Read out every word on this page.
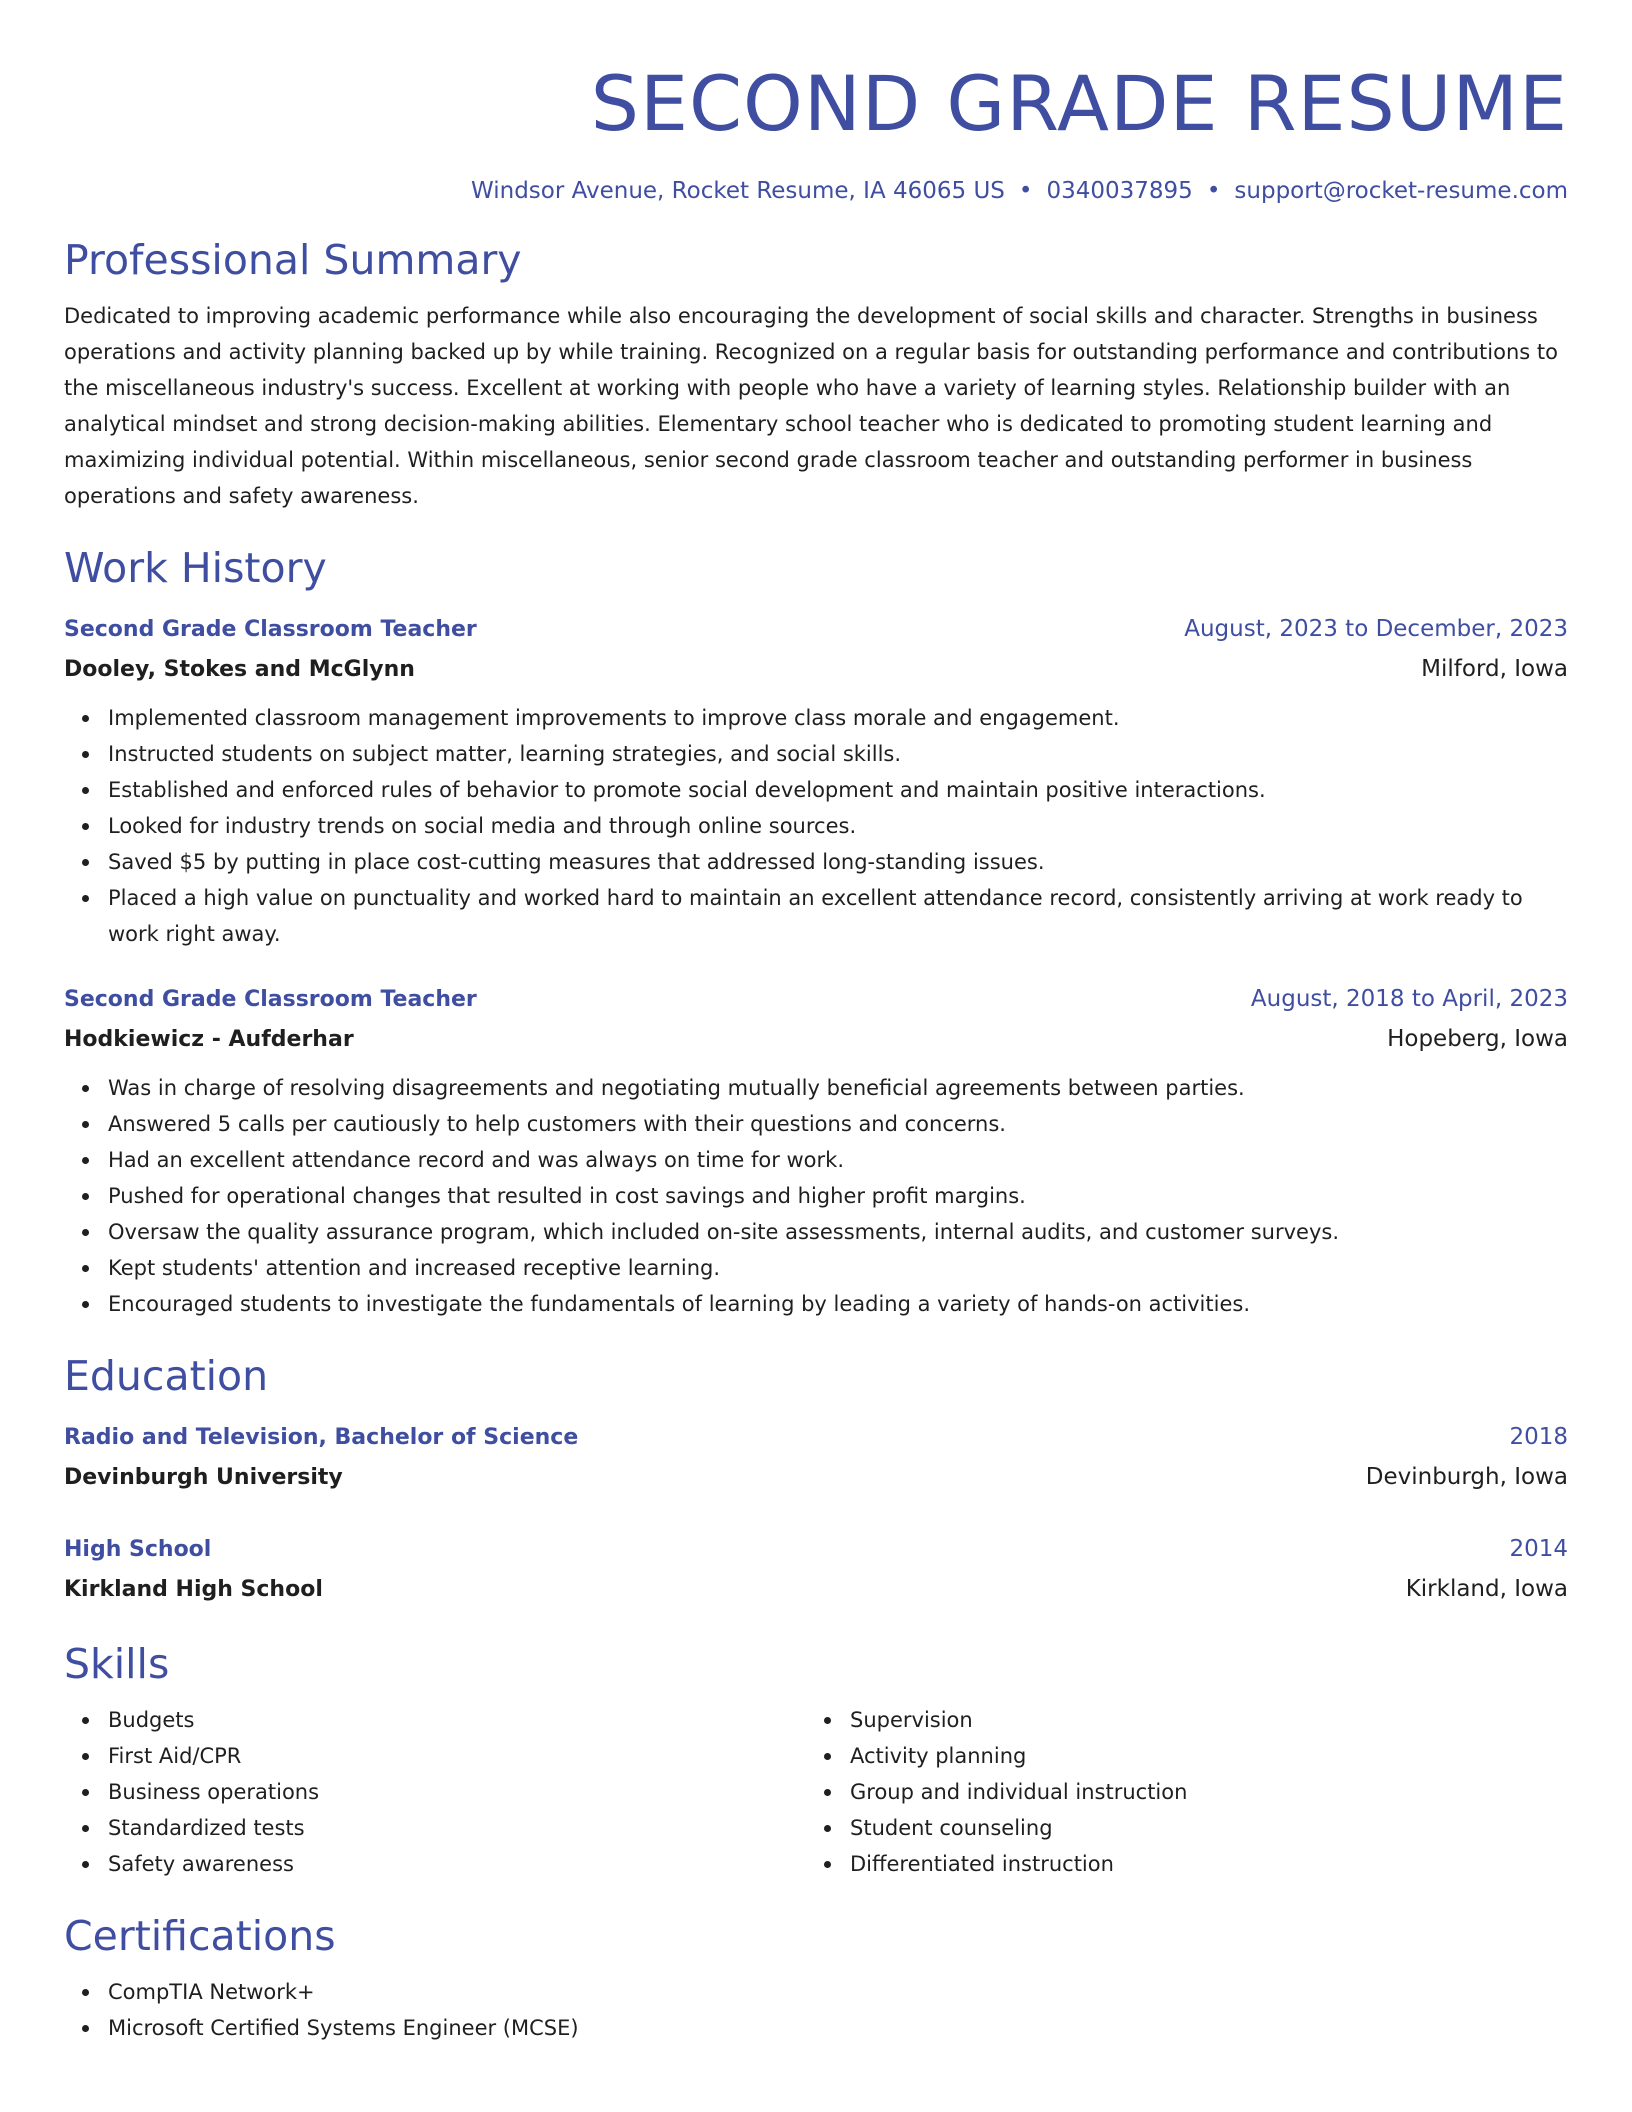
SECOND GRADE RESUME
Windsor Avenue, Rocket Resume, IA 46065 US • 0340037895 • support@rocket-resume.com
Professional Summary
Dedicated to improving academic performance while also encouraging the development of social skills and character. Strengths in business operations and activity planning backed up by while training. Recognized on a regular basis for outstanding performance and contributions to the miscellaneous industry's success. Excellent at working with people who have a variety of learning styles. Relationship builder with an analytical mindset and strong decision-making abilities. Elementary school teacher who is dedicated to promoting student learning and maximizing individual potential. Within miscellaneous, senior second grade classroom teacher and outstanding performer in business operations and safety awareness.
Work History
Second Grade Classroom Teacher	August, 2023 to December, 2023
Dooley, Stokes and McGlynn	Milford, Iowa
Implemented classroom management improvements to improve class morale and engagement.
Instructed students on subject matter, learning strategies, and social skills.
Established and enforced rules of behavior to promote social development and maintain positive interactions.
Looked for industry trends on social media and through online sources.
Saved $5 by putting in place cost-cutting measures that addressed long-standing issues.
Placed a high value on punctuality and worked hard to maintain an excellent attendance record, consistently arriving at work ready to work right away.
Second Grade Classroom Teacher	August, 2018 to April, 2023
Hodkiewicz - Aufderhar	Hopeberg, Iowa
Was in charge of resolving disagreements and negotiating mutually beneficial agreements between parties.
Answered 5 calls per cautiously to help customers with their questions and concerns.
Had an excellent attendance record and was always on time for work.
Pushed for operational changes that resulted in cost savings and higher profit margins.
Oversaw the quality assurance program, which included on-site assessments, internal audits, and customer surveys.
Kept students' attention and increased receptive learning.
Encouraged students to investigate the fundamentals of learning by leading a variety of hands-on activities.
Education
Radio and Television, Bachelor of Science	2018
Devinburgh University	Devinburgh, Iowa
High School	2014
Kirkland High School	Kirkland, Iowa
Skills
Budgets
First Aid/CPR
Business operations
Standardized tests
Safety awareness
Supervision
Activity planning
Group and individual instruction
Student counseling
Differentiated instruction
Certifications
CompTIA Network+
Microsoft Certified Systems Engineer (MCSE)
